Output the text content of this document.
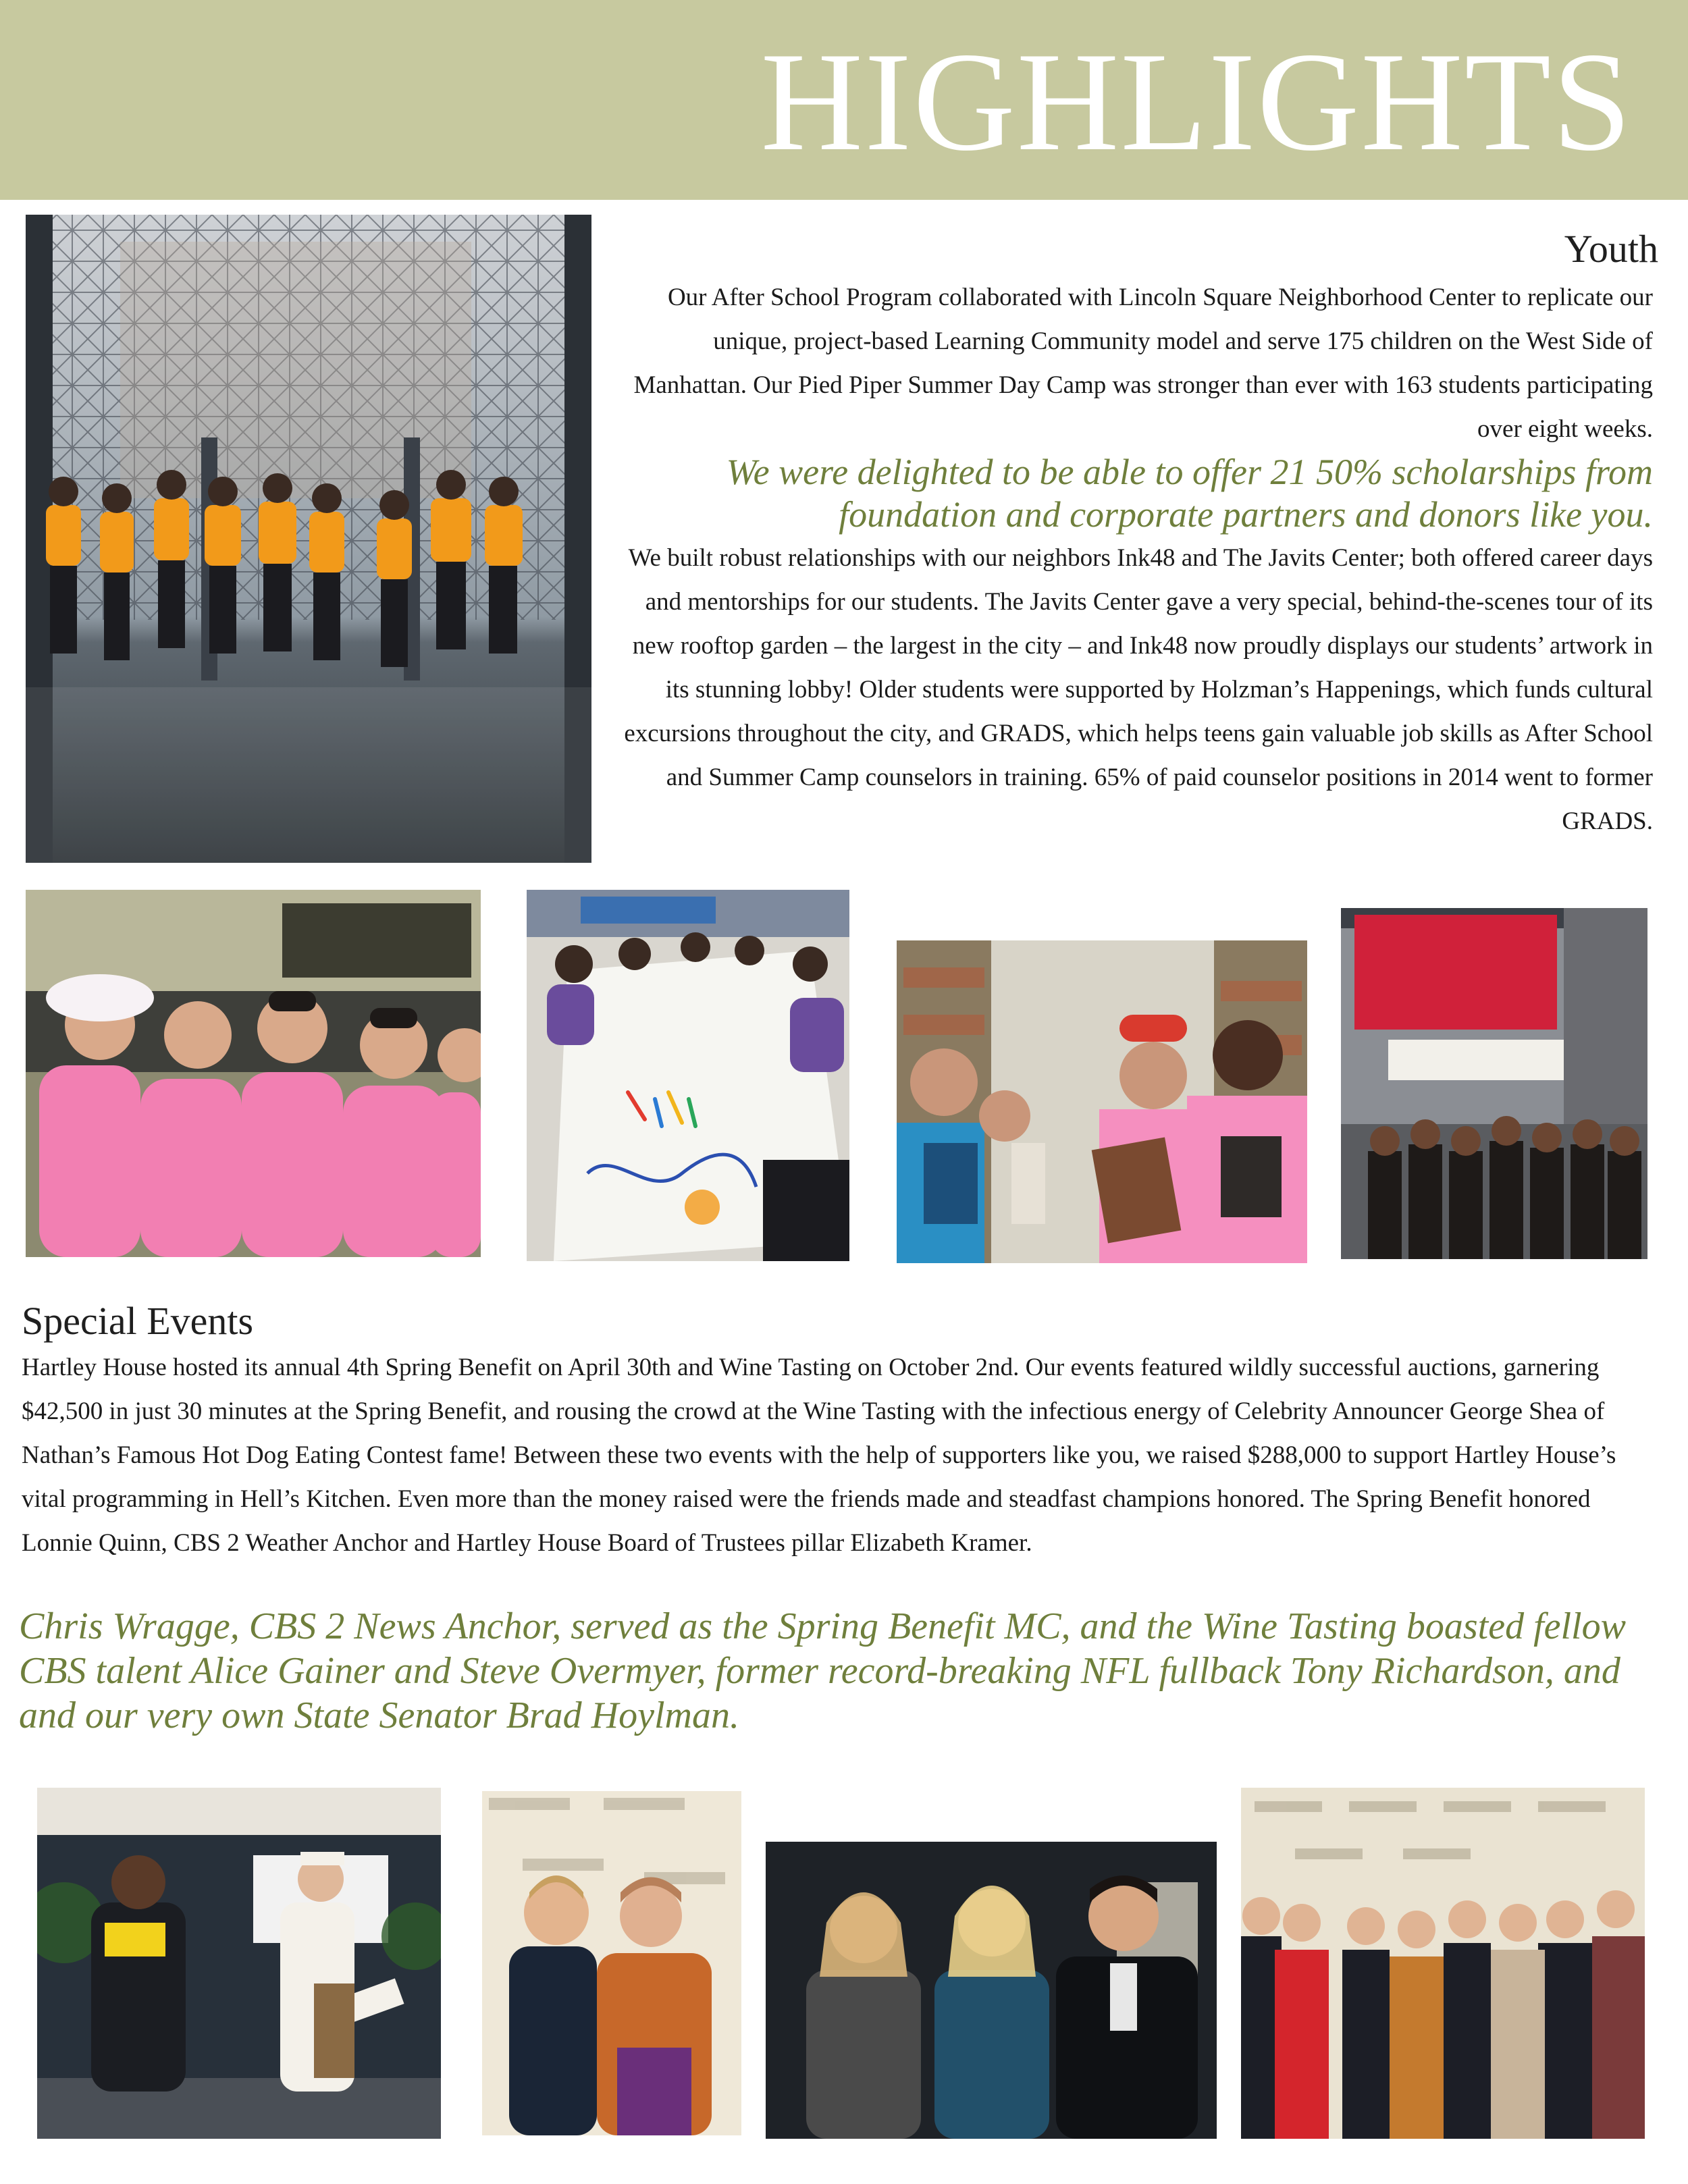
HIGHLIGHTS
Youth

Our After School Program collaborated with Lincoln Square Neighborhood Center to replicate our unique, project-based Learning Community model and serve 175 children on the West Side of Manhattan. Our Pied Piper Summer Day Camp was stronger than ever with 163 students participating over eight weeks.

We were delighted to be able to offer 21 50% scholarships from foundation and corporate partners and donors like you.

We built robust relationships with our neighbors Ink48 and The Javits Center; both offered career days and mentorships for our students. The Javits Center gave a very special, behind-the-scenes tour of its new rooftop garden – the largest in the city – and Ink48 now proudly displays our students’ artwork in its stunning lobby! Older students were supported by Holzman’s Happenings, which funds cultural excursions throughout the city, and GRADS, which helps teens gain valuable job skills as After School and Summer Camp counselors in training. 65% of paid counselor positions in 2014 went to former GRADS.

Special Events

Hartley House hosted its annual 4th Spring Benefit on April 30th and Wine Tasting on October 2nd. Our events featured wildly successful auctions, garnering $42,500 in just 30 minutes at the Spring Benefit, and rousing the crowd at the Wine Tasting with the infectious energy of Celebrity Announcer George Shea of Nathan’s Famous Hot Dog Eating Contest fame! Between these two events with the help of supporters like you, we raised $288,000 to support Hartley House’s vital programming in Hell’s Kitchen. Even more than the money raised were the friends made and steadfast champions honored. The Spring Benefit honored Lonnie Quinn, CBS 2 Weather Anchor and Hartley House Board of Trustees pillar Elizabeth Kramer.

Chris Wragge, CBS 2 News Anchor, served as the Spring Benefit MC, and the Wine Tasting boasted fellow CBS talent Alice Gainer and Steve Overmyer, former record-breaking NFL fullback Tony Richardson, and and our very own State Senator Brad Hoylman.
